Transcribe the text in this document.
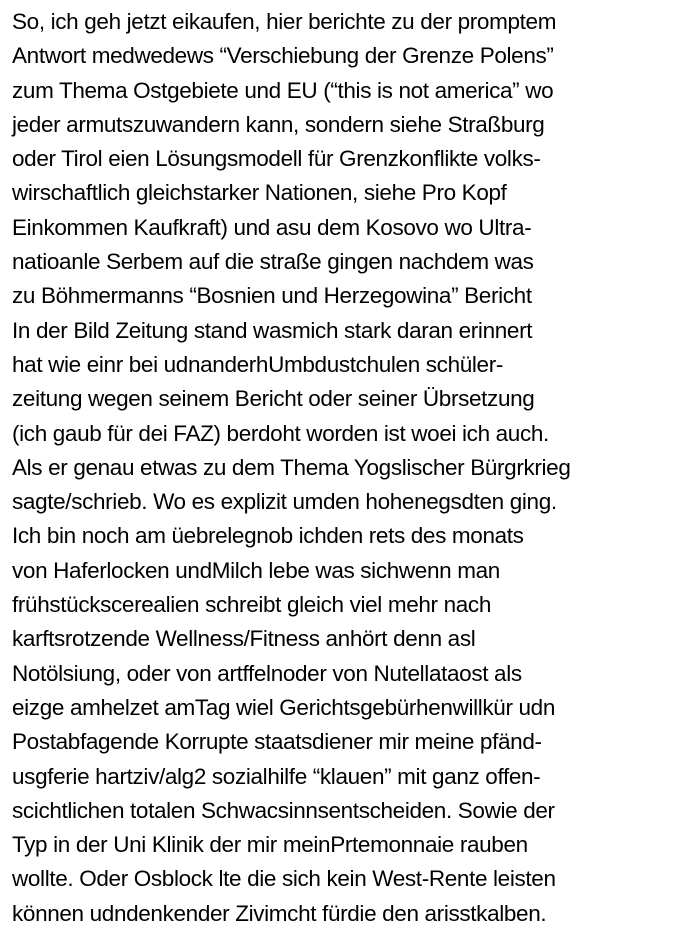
So, ich geh jetzt eikaufen, hier berichte zu der promptem
Antwort medwedews “Verschiebung der Grenze Polens”
zum Thema Ostgebiete und EU (“this is not america” wo
jeder armutszuwandern kann, sondern siehe Straßburg
oder Tirol eien Lösungsmodell für Grenzkonflikte volks-
wirschaftlich gleichstarker Nationen, siehe Pro Kopf
Einkommen Kaufkraft) und asu dem Kosovo wo Ultra-
natioanle Serbem auf die straße gingen nachdem was
zu Böhmermanns “Bosnien und Herzegowina” Bericht
In der Bild Zeitung stand wasmich stark daran erinnert
hat wie einr bei udnanderhUmbdustchulen schüler-
zeitung wegen seinem Bericht oder seiner Übrsetzung
(ich gaub für dei FAZ) berdoht worden ist woei ich auch.
Als er genau etwas zu dem Thema Yogslischer Bürgrkrieg
sagte/schrieb. Wo es explizit umden hohenegsdten ging.
Ich bin noch am üebrelegnob ichden rets des monats
von Haferlocken undMilch lebe was sichwenn man
frühstückscerealien schreibt gleich viel mehr nach
karftsrotzende Wellness/Fitness anhört denn asl
Notölsiung, oder von artffelnoder von Nutellataost als
eizge amhelzet amTag wiel Gerichtsgebürhenwillkür udn
Postabfagende Korrupte staatsdiener mir meine pfänd-
usgferie hartziv/alg2 sozialhilfe “klauen” mit ganz offen-
scichtlichen totalen Schwacsinnsentscheiden. Sowie der
Typ in der Uni Klinik der mir meinPrtemonnaie rauben
wollte. Oder Osblock lte die sich kein West-Rente leisten
können udndenkender Zivimcht fürdie den arisstkalben.
